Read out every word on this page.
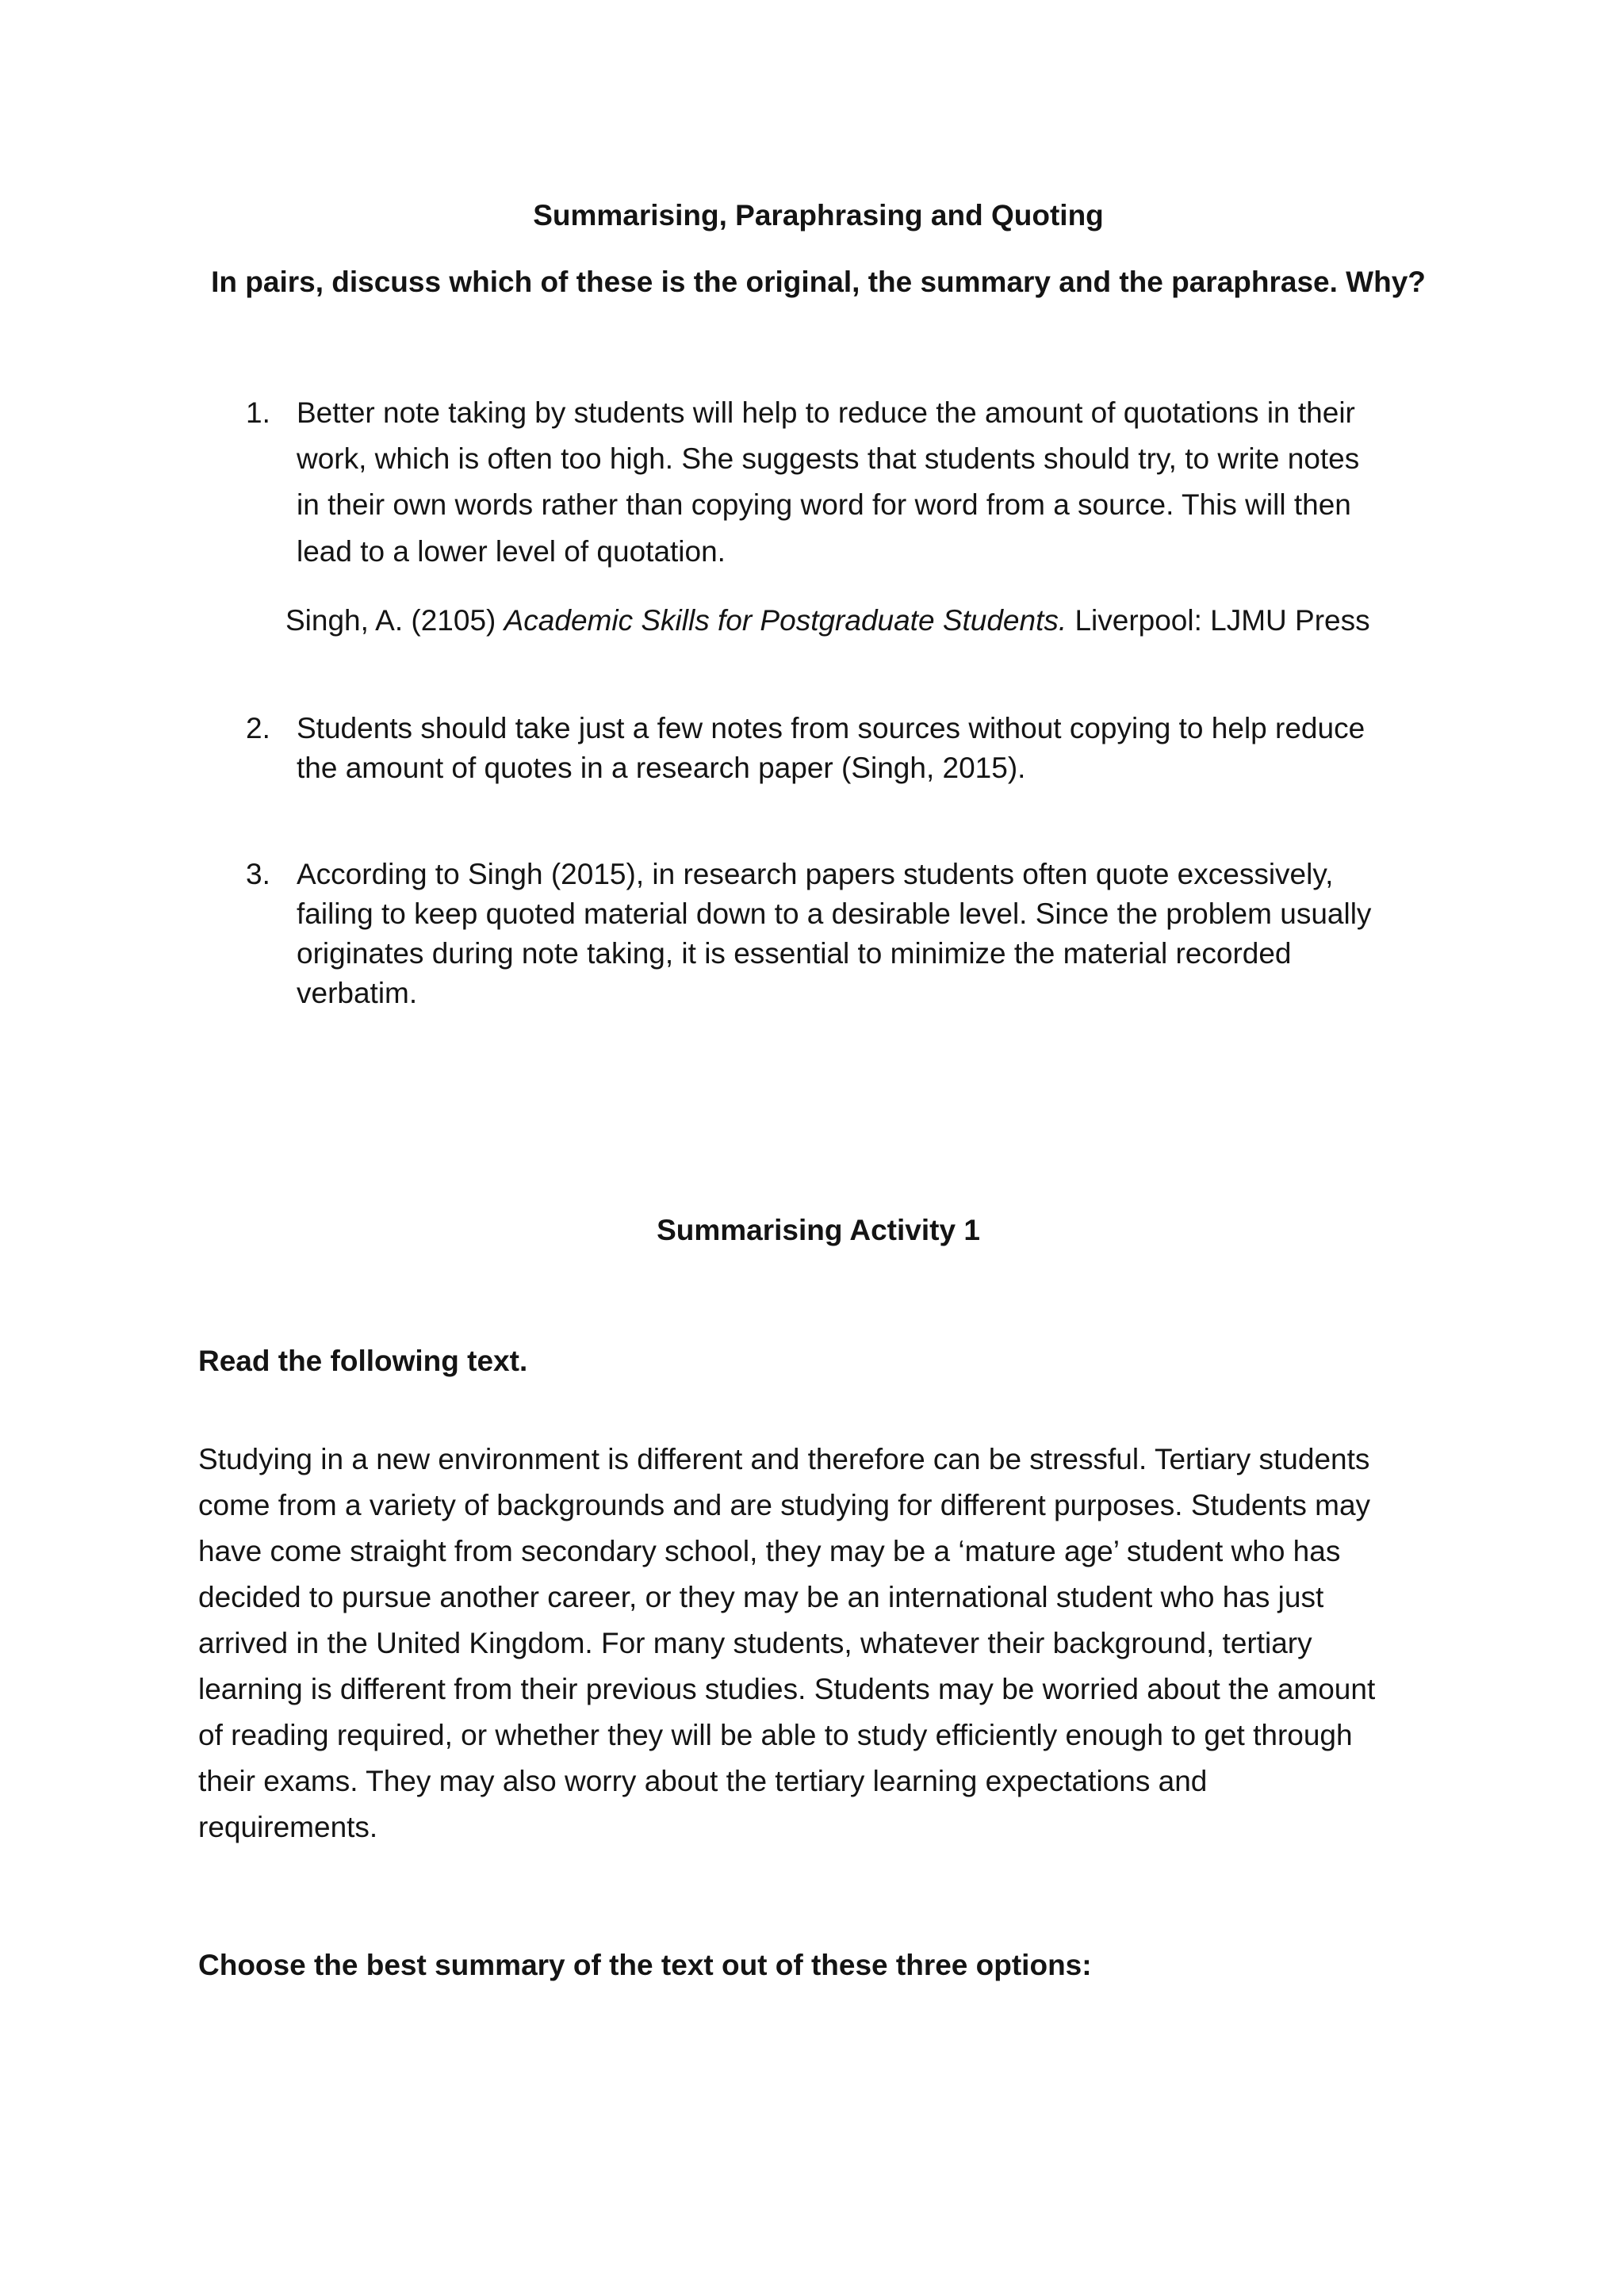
Summarising, Paraphrasing and Quoting
In pairs, discuss which of these is the original, the summary and the paraphrase. Why?
1. Better note taking by students will help to reduce the amount of quotations in their
work, which is often too high. She suggests that students should try, to write notes
in their own words rather than copying word for word from a source. This will then
lead to a lower level of quotation.
Singh, A. (2105) Academic Skills for Postgraduate Students. Liverpool: LJMU Press
2. Students should take just a few notes from sources without copying to help reduce
the amount of quotes in a research paper (Singh, 2015).
3. According to Singh (2015), in research papers students often quote excessively,
failing to keep quoted material down to a desirable level. Since the problem usually
originates during note taking, it is essential to minimize the material recorded
verbatim.
Summarising Activity 1
Read the following text.
Studying in a new environment is different and therefore can be stressful. Tertiary students
come from a variety of backgrounds and are studying for different purposes. Students may
have come straight from secondary school, they may be a ‘mature age’ student who has
decided to pursue another career, or they may be an international student who has just
arrived in the United Kingdom. For many students, whatever their background, tertiary
learning is different from their previous studies. Students may be worried about the amount
of reading required, or whether they will be able to study efficiently enough to get through
their exams. They may also worry about the tertiary learning expectations and
requirements.
Choose the best summary of the text out of these three options:
